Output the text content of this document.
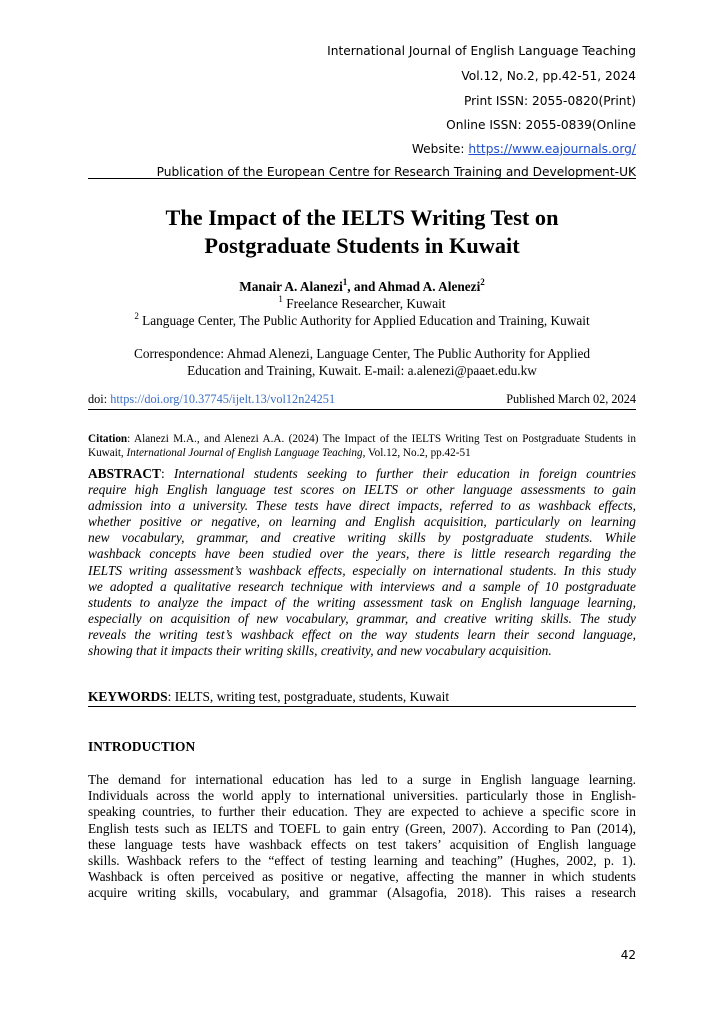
International Journal of English Language Teaching
Vol.12, No.2, pp.42-51, 2024
Print ISSN: 2055-0820(Print)
Online ISSN: 2055-0839(Online
Website: https://www.eajournals.org/
Publication of the European Centre for Research Training and Development-UK
The Impact of the IELTS Writing Test on
Postgraduate Students in Kuwait
Manair A. Alanezi$^1$, and Ahmad A. Alenezi$^2$
$^1$ Freelance Researcher, Kuwait
$^2$ Language Center, The Public Authority for Applied Education and Training, Kuwait
Correspondence: Ahmad Alenezi, Language Center, The Public Authority for Applied
Education and Training, Kuwait. E-mail: a.alenezi@paaet.edu.kw
doi: https://doi.org/10.37745/ijelt.13/vol12n24251	Published March 02, 2024
Citation: Alanezi M.A., and Alenezi A.A. (2024) The Impact of the IELTS Writing Test on Postgraduate Students in Kuwait, International Journal of English Language Teaching, Vol.12, No.2, pp.42-51
ABSTRACT: International students seeking to further their education in foreign countries
require high English language test scores on IELTS or other language assessments to gain
admission into a university. These tests have direct impacts, referred to as washback effects,
whether positive or negative, on learning and English acquisition, particularly on learning
new vocabulary, grammar, and creative writing skills by postgraduate students. While
washback concepts have been studied over the years, there is little research regarding the
IELTS writing assessment’s washback effects, especially on international students. In this study
we adopted a qualitative research technique with interviews and a sample of 10 postgraduate
students to analyze the impact of the writing assessment task on English language learning,
especially on acquisition of new vocabulary, grammar, and creative writing skills. The study
reveals the writing test’s washback effect on the way students learn their second language,
showing that it impacts their writing skills, creativity, and new vocabulary acquisition.
KEYWORDS: IELTS, writing test, postgraduate, students, Kuwait
INTRODUCTION
The demand for international education has led to a surge in English language learning.
Individuals across the world apply to international universities. particularly those in English-
speaking countries, to further their education. They are expected to achieve a specific score in
English tests such as IELTS and TOEFL to gain entry (Green, 2007). According to Pan (2014),
these language tests have washback effects on test takers’ acquisition of English language
skills. Washback refers to the “effect of testing learning and teaching” (Hughes, 2002, p. 1).
Washback is often perceived as positive or negative, affecting the manner in which students
acquire writing skills, vocabulary, and grammar (Alsagofia, 2018). This raises a research
42
